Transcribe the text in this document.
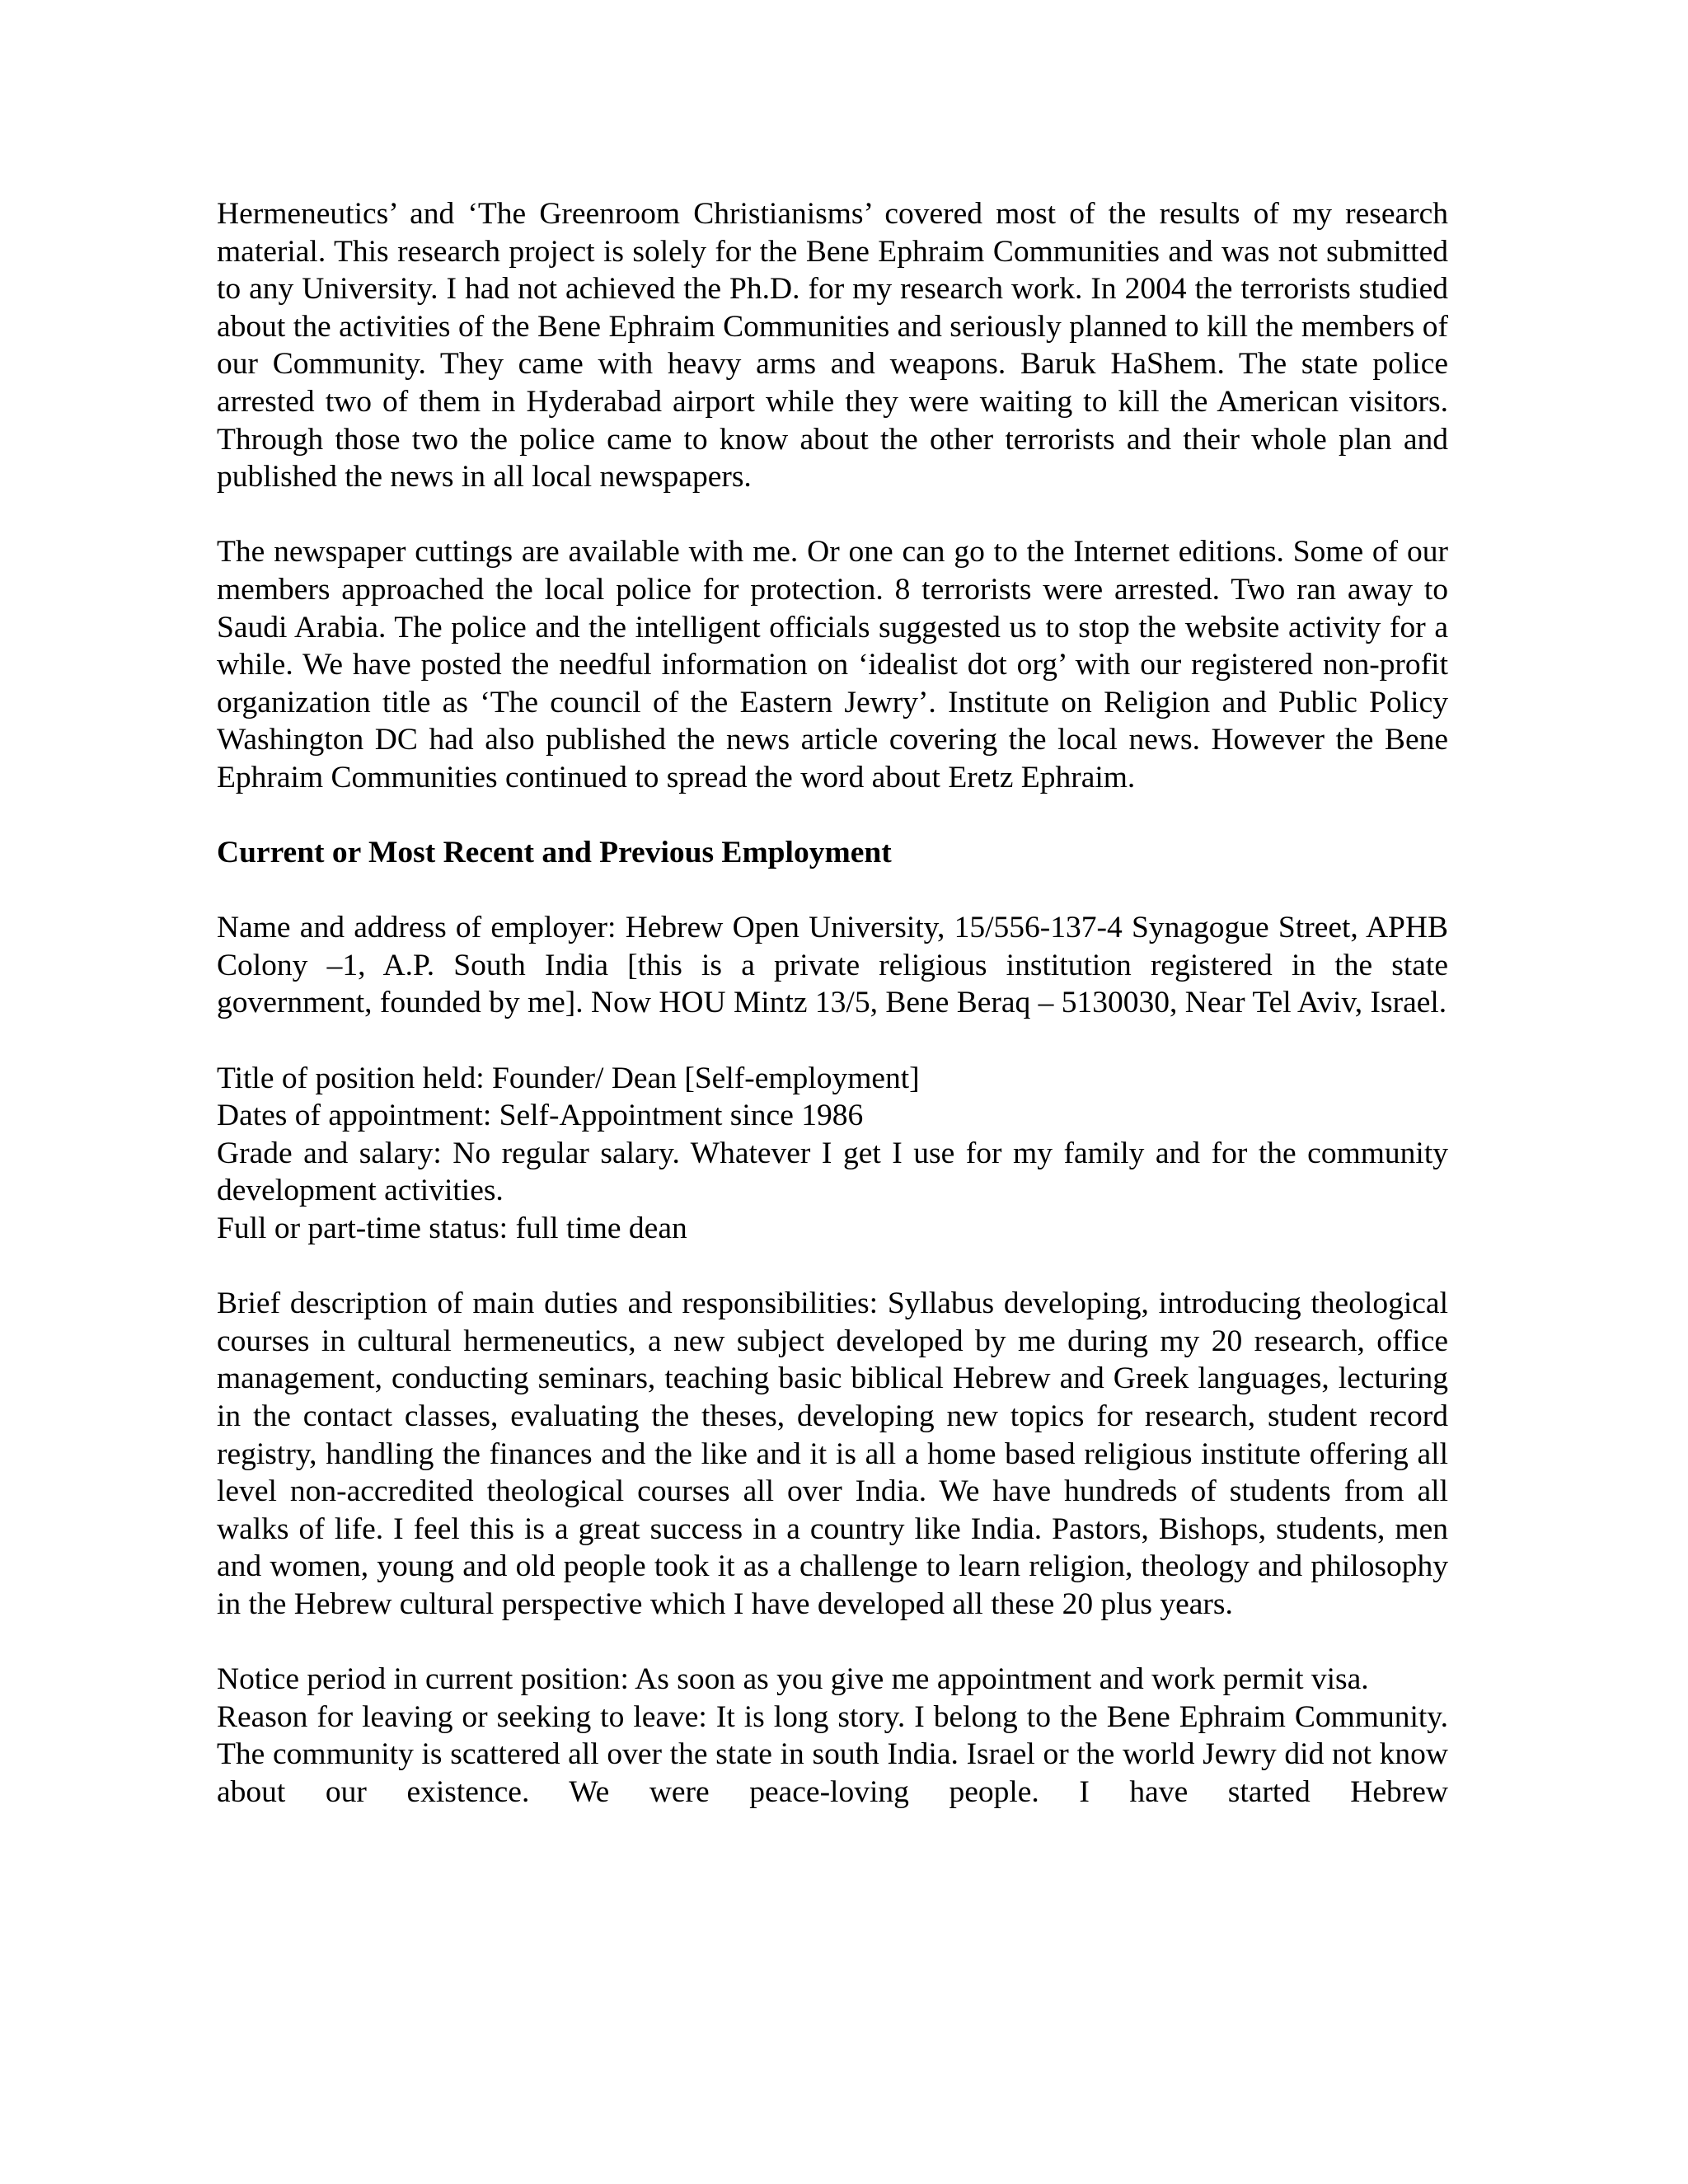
Hermeneutics’ and ‘The Greenroom Christianisms’ covered most of the results of my research material. This research project is solely for the Bene Ephraim Communities and was not submitted to any University. I had not achieved the Ph.D. for my research work. In 2004 the terrorists studied about the activities of the Bene Ephraim Communities and seriously planned to kill the members of our Community. They came with heavy arms and weapons. Baruk HaShem. The state police arrested two of them in Hyderabad airport while they were waiting to kill the American visitors. Through those two the police came to know about the other terrorists and their whole plan and published the news in all local newspapers.

The newspaper cuttings are available with me. Or one can go to the Internet editions. Some of our members approached the local police for protection. 8 terrorists were arrested. Two ran away to Saudi Arabia. The police and the intelligent officials suggested us to stop the website activity for a while. We have posted the needful information on ‘idealist dot org’ with our registered non-profit organization title as ‘The council of the Eastern Jewry’. Institute on Religion and Public Policy Washington DC had also published the news article covering the local news. However the Bene Ephraim Communities continued to spread the word about Eretz Ephraim.

Current or Most Recent and Previous Employment

Name and address of employer: Hebrew Open University, 15/556-137-4 Synagogue Street, APHB Colony –1, A.P. South India [this is a private religious institution registered in the state government, founded by me]. Now HOU Mintz 13/5, Bene Beraq – 5130030, Near Tel Aviv, Israel.

Title of position held: Founder/ Dean [Self-employment]

Dates of appointment: Self-Appointment since 1986

Grade and salary: No regular salary. Whatever I get I use for my family and for the community development activities.

Full or part-time status: full time dean

Brief description of main duties and responsibilities: Syllabus developing, introducing theological courses in cultural hermeneutics, a new subject developed by me during my 20 research, office management, conducting seminars, teaching basic biblical Hebrew and Greek languages, lecturing in the contact classes, evaluating the theses, developing new topics for research, student record registry, handling the finances and the like and it is all a home based religious institute offering all level non-accredited theological courses all over India. We have hundreds of students from all walks of life. I feel this is a great success in a country like India. Pastors, Bishops, students, men and women, young and old people took it as a challenge to learn religion, theology and philosophy in the Hebrew cultural perspective which I have developed all these 20 plus years.

Notice period in current position: As soon as you give me appointment and work permit visa.

Reason for leaving or seeking to leave: It is long story. I belong to the Bene Ephraim Community. The community is scattered all over the state in south India. Israel or the world Jewry did not know about our existence. We were peace-loving people. I have started Hebrew
